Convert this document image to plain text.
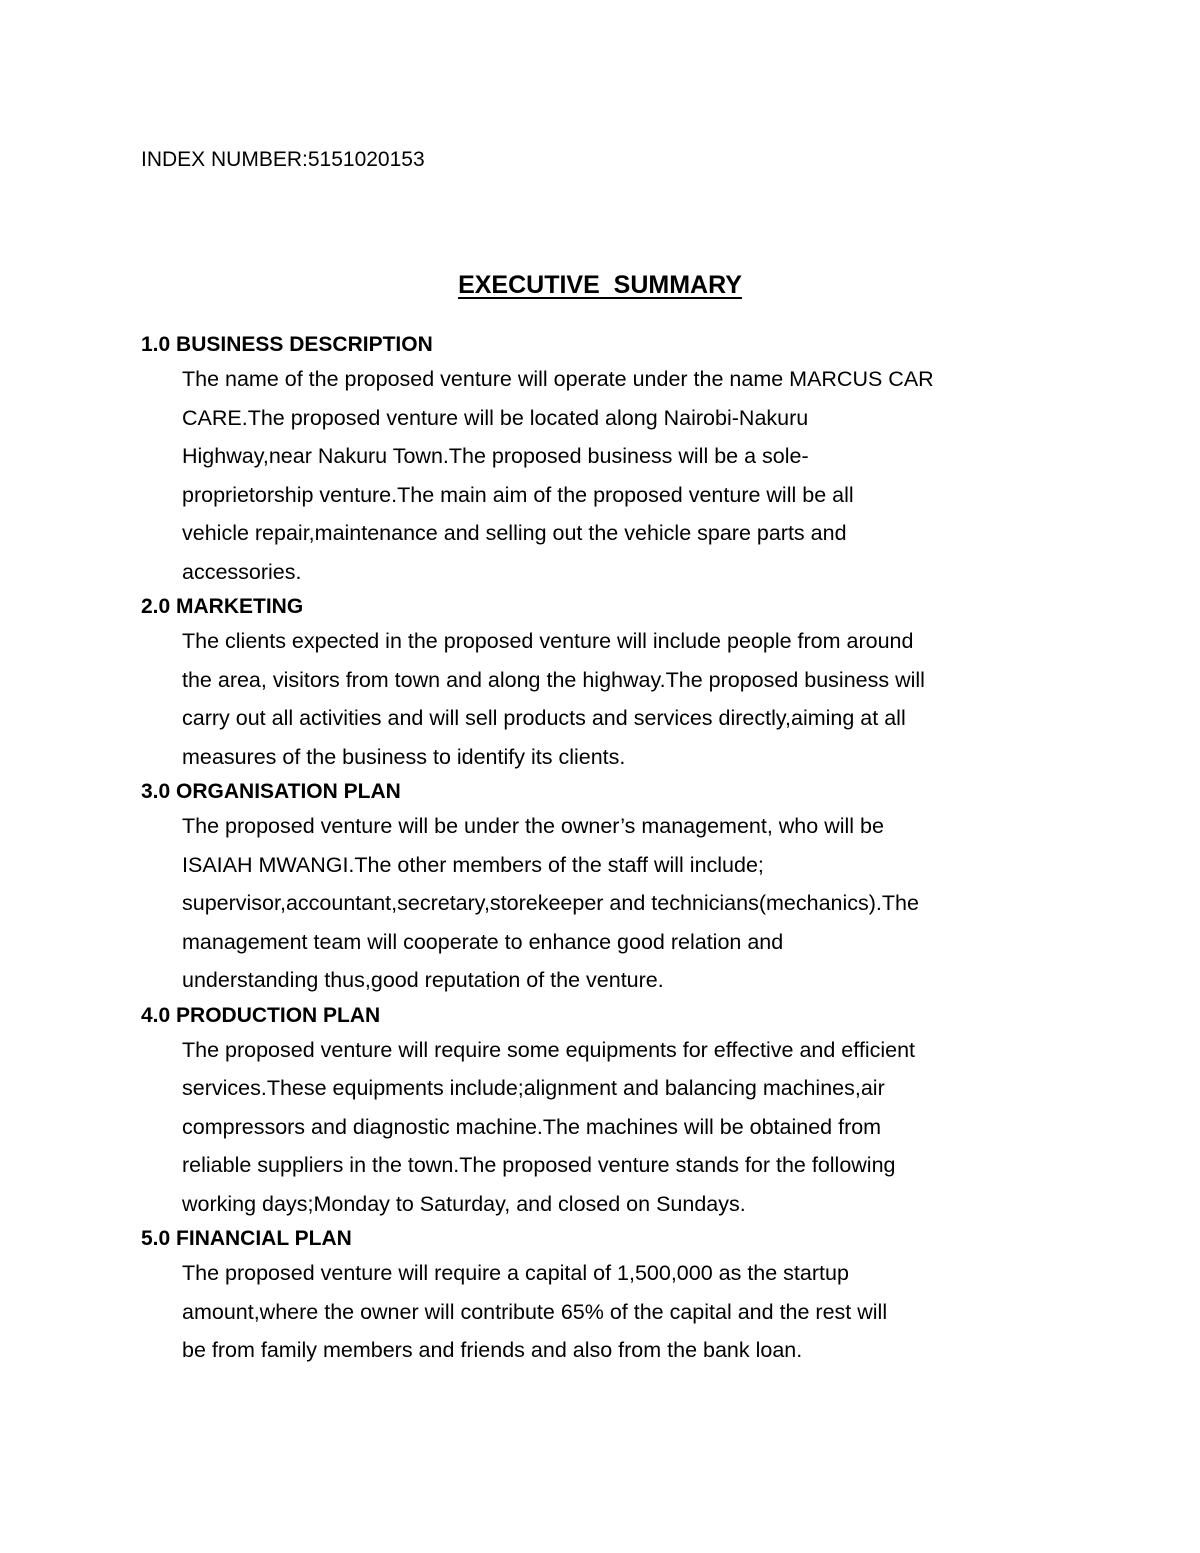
INDEX NUMBER:5151020153
EXECUTIVE  SUMMARY
1.0 BUSINESS DESCRIPTION
The name of the proposed venture will operate under the name MARCUS CAR
CARE.The proposed venture will be located along Nairobi-Nakuru
Highway,near Nakuru Town.The proposed business will be a sole-
proprietorship venture.The main aim of the proposed venture will be all
vehicle repair,maintenance and selling out the vehicle spare parts and
accessories.
2.0 MARKETING
The clients expected in the proposed venture will include people from around
the area, visitors from town and along the highway.The proposed business will
carry out all activities and will sell products and services directly,aiming at all
measures of the business to identify its clients.
3.0 ORGANISATION PLAN
The proposed venture will be under the owner’s management, who will be
ISAIAH MWANGI.The other members of the staff will include;
supervisor,accountant,secretary,storekeeper and technicians(mechanics).The
management team will cooperate to enhance good relation and
understanding thus,good reputation of the venture.
4.0 PRODUCTION PLAN
The proposed venture will require some equipments for effective and efficient
services.These equipments include;alignment and balancing machines,air
compressors and diagnostic machine.The machines will be obtained from
reliable suppliers in the town.The proposed venture stands for the following
working days;Monday to Saturday, and closed on Sundays.
5.0 FINANCIAL PLAN
The proposed venture will require a capital of 1,500,000 as the startup
amount,where the owner will contribute 65% of the capital and the rest will
be from family members and friends and also from the bank loan.
